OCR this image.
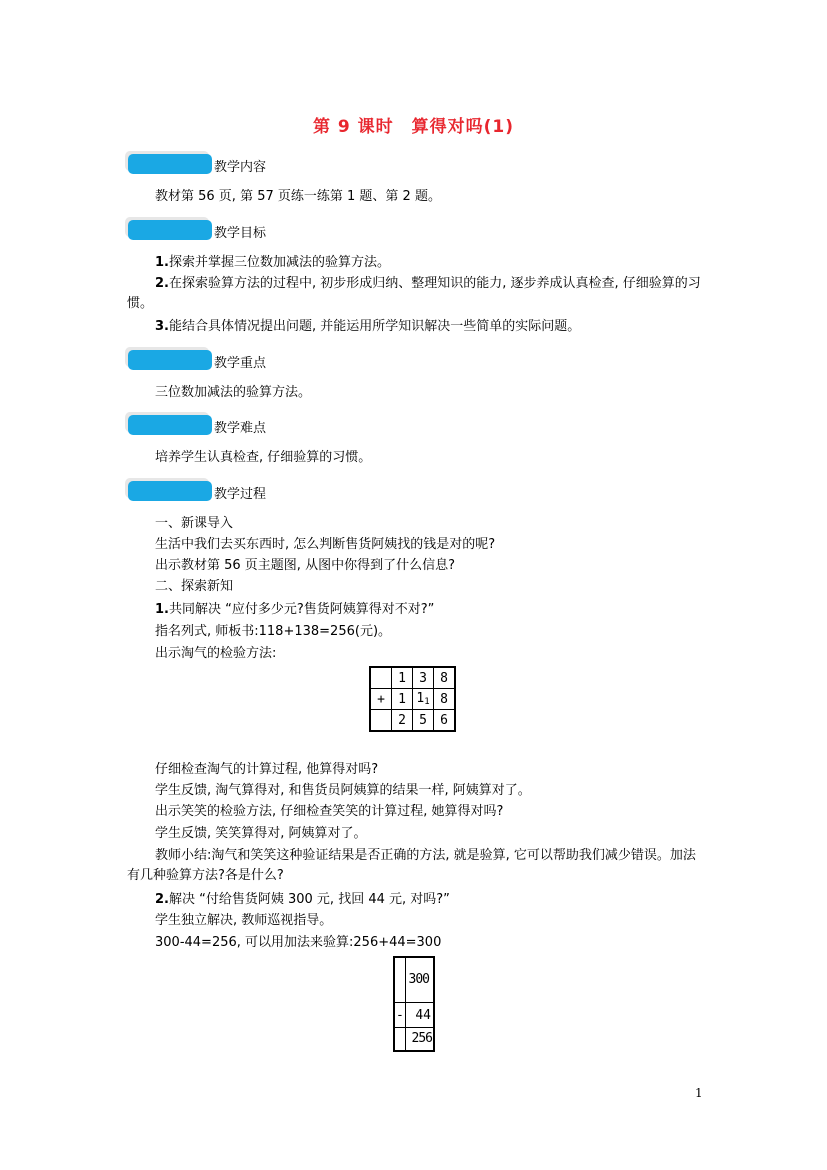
第 9 课时　算得对吗(1)
教学内容
教材第 56 页, 第 57 页练一练第 1 题、第 2 题。
教学目标
1.探索并掌握三位数加减法的验算方法。
2.在探索验算方法的过程中, 初步形成归纳、整理知识的能力, 逐步养成认真检查, 仔细验算的习惯。
3.能结合具体情况提出问题, 并能运用所学知识解决一些简单的实际问题。
教学重点
三位数加减法的验算方法。
教学难点
培养学生认真检查, 仔细验算的习惯。
教学过程
一、新课导入
生活中我们去买东西时, 怎么判断售货阿姨找的钱是对的呢?
出示教材第 56 页主题图, 从图中你得到了什么信息?
二、探索新知
1.共同解决 “应付多少元?售货阿姨算得对不对?”
指名列式, 师板书:118+138=256(元)。
出示淘气的检验方法:
	1	3	8
+	1	$1_1$	8
	2	5	6
仔细检查淘气的计算过程, 他算得对吗?
学生反馈, 淘气算得对, 和售货员阿姨算的结果一样, 阿姨算对了。
出示笑笑的检验方法, 仔细检查笑笑的计算过程, 她算得对吗?
学生反馈, 笑笑算得对, 阿姨算对了。
教师小结:淘气和笑笑这种验证结果是否正确的方法, 就是验算, 它可以帮助我们减少错误。加法有几种验算方法?各是什么?
2.解决 “付给售货阿姨 300 元, 找回 44 元, 对吗?”
学生独立解决, 教师巡视指导。
300-44=256, 可以用加法来验算:256+44=300
300
- 44
256
1
